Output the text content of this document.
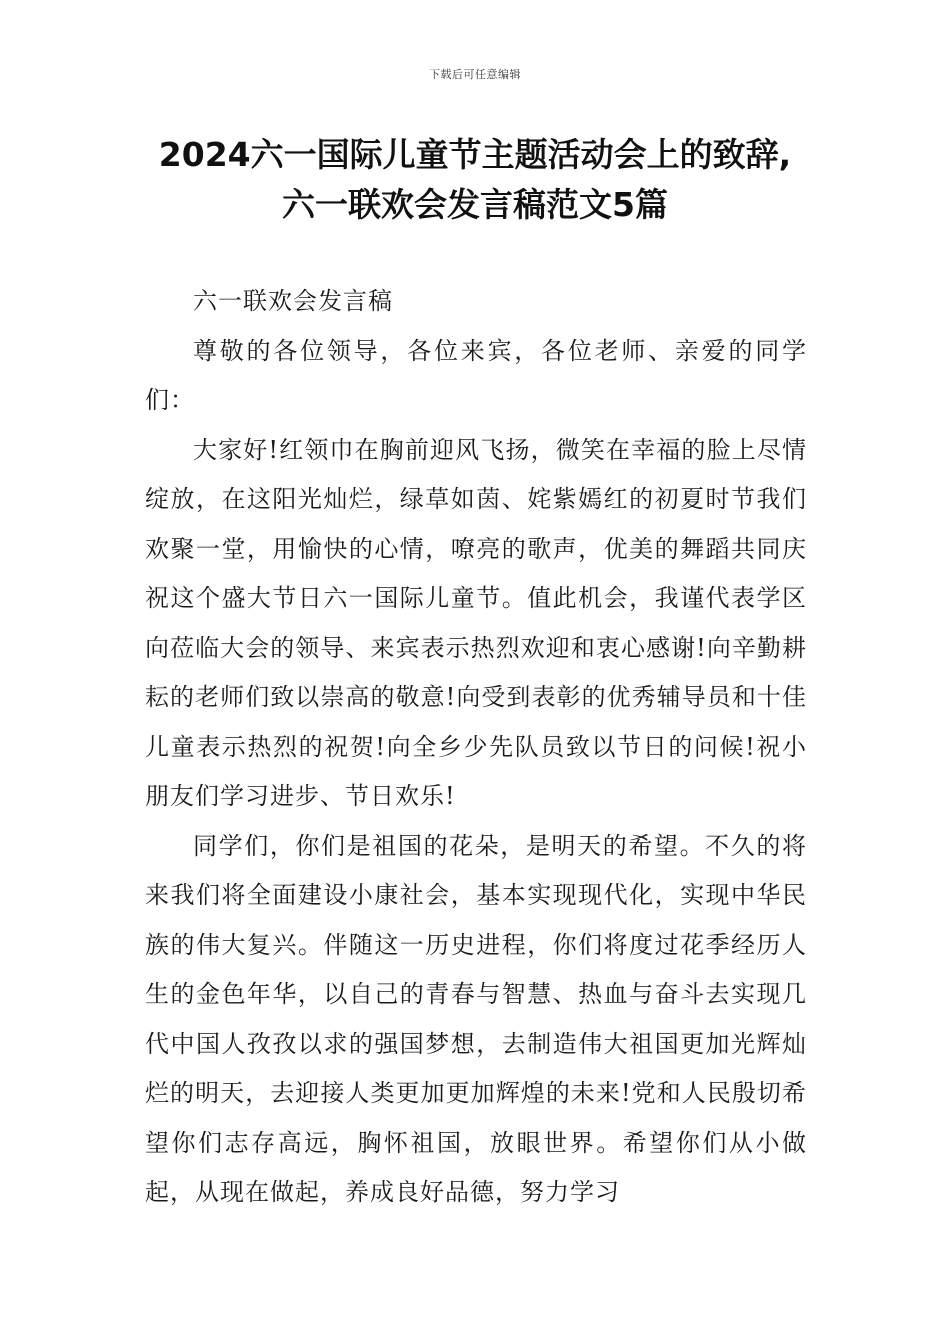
下载后可任意编辑
2024六一国际儿童节主题活动会上的致辞,
六一联欢会发言稿范文5篇

六一联欢会发言稿

尊敬的各位领导，各位来宾，各位老师、亲爱的同学们：

大家好!红领巾在胸前迎风飞扬，微笑在幸福的脸上尽情绽放，在这阳光灿烂，绿草如茵、姹紫嫣红的初夏时节我们欢聚一堂，用愉快的心情，嘹亮的歌声，优美的舞蹈共同庆祝这个盛大节日六一国际儿童节。值此机会，我谨代表学区向莅临大会的领导、来宾表示热烈欢迎和衷心感谢!向辛勤耕耘的老师们致以崇高的敬意!向受到表彰的优秀辅导员和十佳儿童表示热烈的祝贺!向全乡少先队员致以节日的问候!祝小朋友们学习进步、节日欢乐!

同学们，你们是祖国的花朵，是明天的希望。不久的将来我们将全面建设小康社会，基本实现现代化，实现中华民族的伟大复兴。伴随这一历史进程，你们将度过花季经历人生的金色年华，以自己的青春与智慧、热血与奋斗去实现几代中国人孜孜以求的强国梦想，去制造伟大祖国更加光辉灿烂的明天，去迎接人类更加更加辉煌的未来!党和人民殷切希望你们志存高远，胸怀祖国，放眼世界。希望你们从小做起，从现在做起，养成良好品德，努力学习
